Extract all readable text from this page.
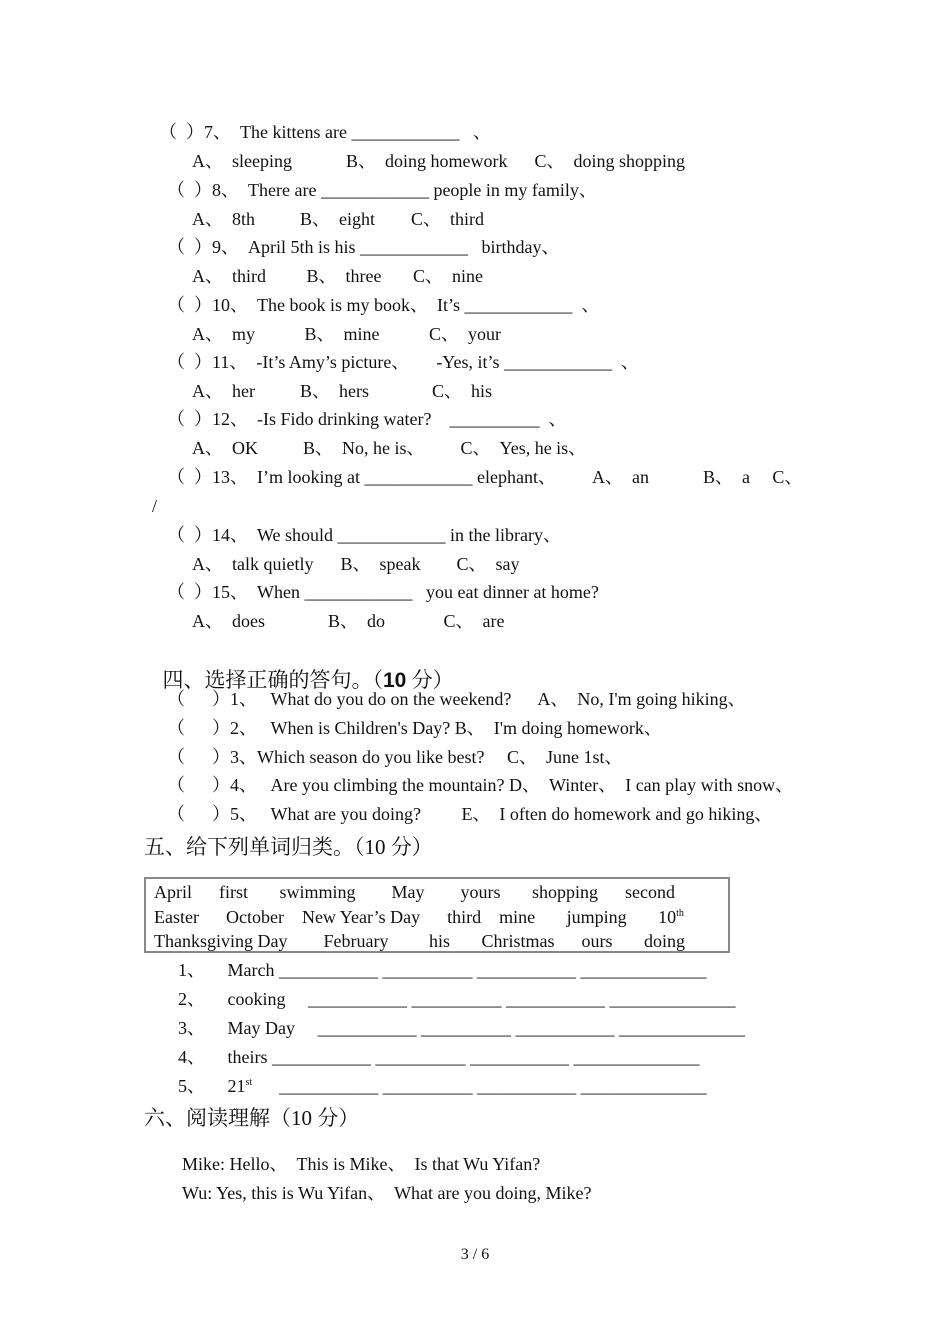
（  ）7、  The kittens are ____________   、
A、  sleeping            B、  doing homework      C、  doing shopping
（  ）8、  There are ____________ people in my family、
A、  8th          B、  eight        C、  third
（  ）9、  April 5th is his ____________   birthday、
A、  third         B、  three       C、  nine
（  ）10、  The book is my book、  It’s ____________  、
A、  my           B、  mine           C、  your
（  ）11、  -It’s Amy’s picture、      -Yes, it’s ____________  、
A、  her          B、  hers              C、  his
（  ）12、  -Is Fido drinking water?    __________  、
A、  OK          B、  No, he is、        C、  Yes, he is、
（  ）13、  I’m looking at ____________ elephant、        A、  an            B、  a     C、
/
（  ）14、  We should ____________ in the library、
A、  talk quietly      B、  speak        C、  say
（  ）15、  When ____________   you eat dinner at home?
A、  does              B、  do             C、  are

四、选择正确的答句。（10 分）

（      ）1、   What do you do on the weekend?      A、  No, I'm going hiking、
（      ）2、   When is Children's Day? B、  I'm doing homework、
（      ）3、Which season do you like best?     C、  June 1st、
（      ）4、   Are you climbing the mountain? D、  Winter、  I can play with snow、
（      ）5、   What are you doing?         E、  I often do homework and go hiking、
五、给下列单词归类。（10 分）
April      first       swimming        May        yours       shopping      second
Easter      October    New Year’s Day      third    mine       jumping       10th
Thanksgiving Day        February         his       Christmas      ours       doing
1、     March ___________ __________ ___________ ______________
2、     cooking     ___________ __________ ___________ ______________
3、     May Day     ___________ __________ ___________ ______________
4、     theirs ___________ __________ ___________ ______________
5、     21st      ___________ __________ ___________ ______________
六、阅读理解（10 分）
Mike: Hello、  This is Mike、  Is that Wu Yifan?
Wu: Yes, this is Wu Yifan、  What are you doing, Mike?
3 / 6
